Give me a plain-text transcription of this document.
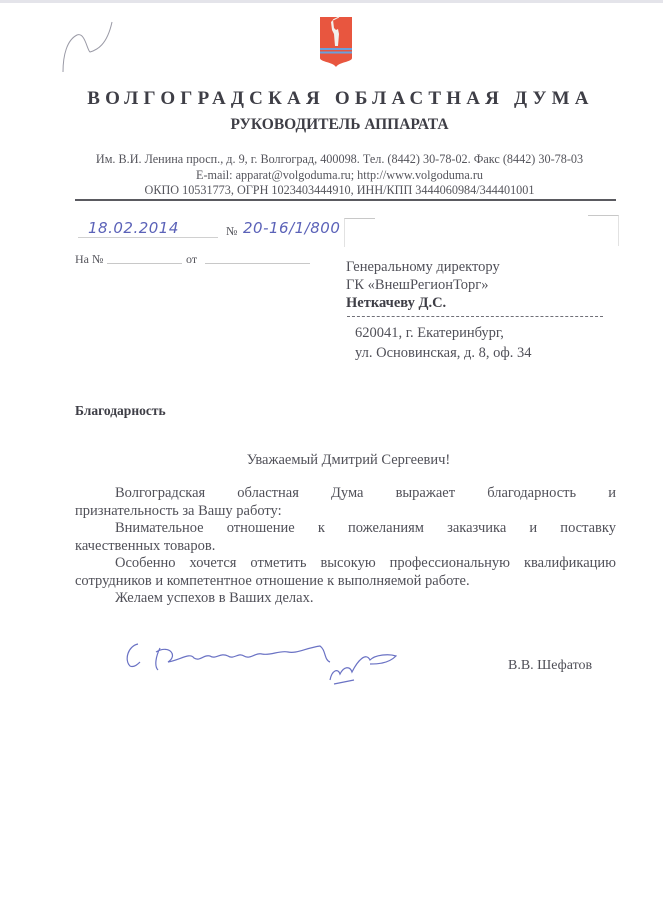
ВОЛГОГРАДСКАЯ ОБЛАСТНАЯ ДУМА
РУКОВОДИТЕЛЬ АППАРАТА
Им. В.И. Ленина просп., д. 9, г. Волгоград, 400098. Тел. (8442) 30-78-02. Факс (8442) 30-78-03
E-mail: apparat@volgoduma.ru; http://www.volgoduma.ru
ОКПО 10531773, ОГРН 1023403444910, ИНН/КПП 3444060984/344401001
18.02.2014	№ 20-16/1/800
На №	от	Генеральному директору
ГК «ВнешРегионТорг»
Неткачеву Д.С.
620041, г. Екатеринбург,
ул. Основинская, д. 8, оф. 34
Благодарность
Уважаемый Дмитрий Сергеевич!

Волгоградская областная Дума выражает благодарность и

признательность за Вашу работу:

Внимательное отношение к пожеланиям заказчика и поставку

качественных товаров.

Особенно хочется отметить высокую профессиональную квалификацию сотрудников и компетентное отношение к выполняемой работе.

Желаем успехов в Ваших делах.

В.В. Шефатов
